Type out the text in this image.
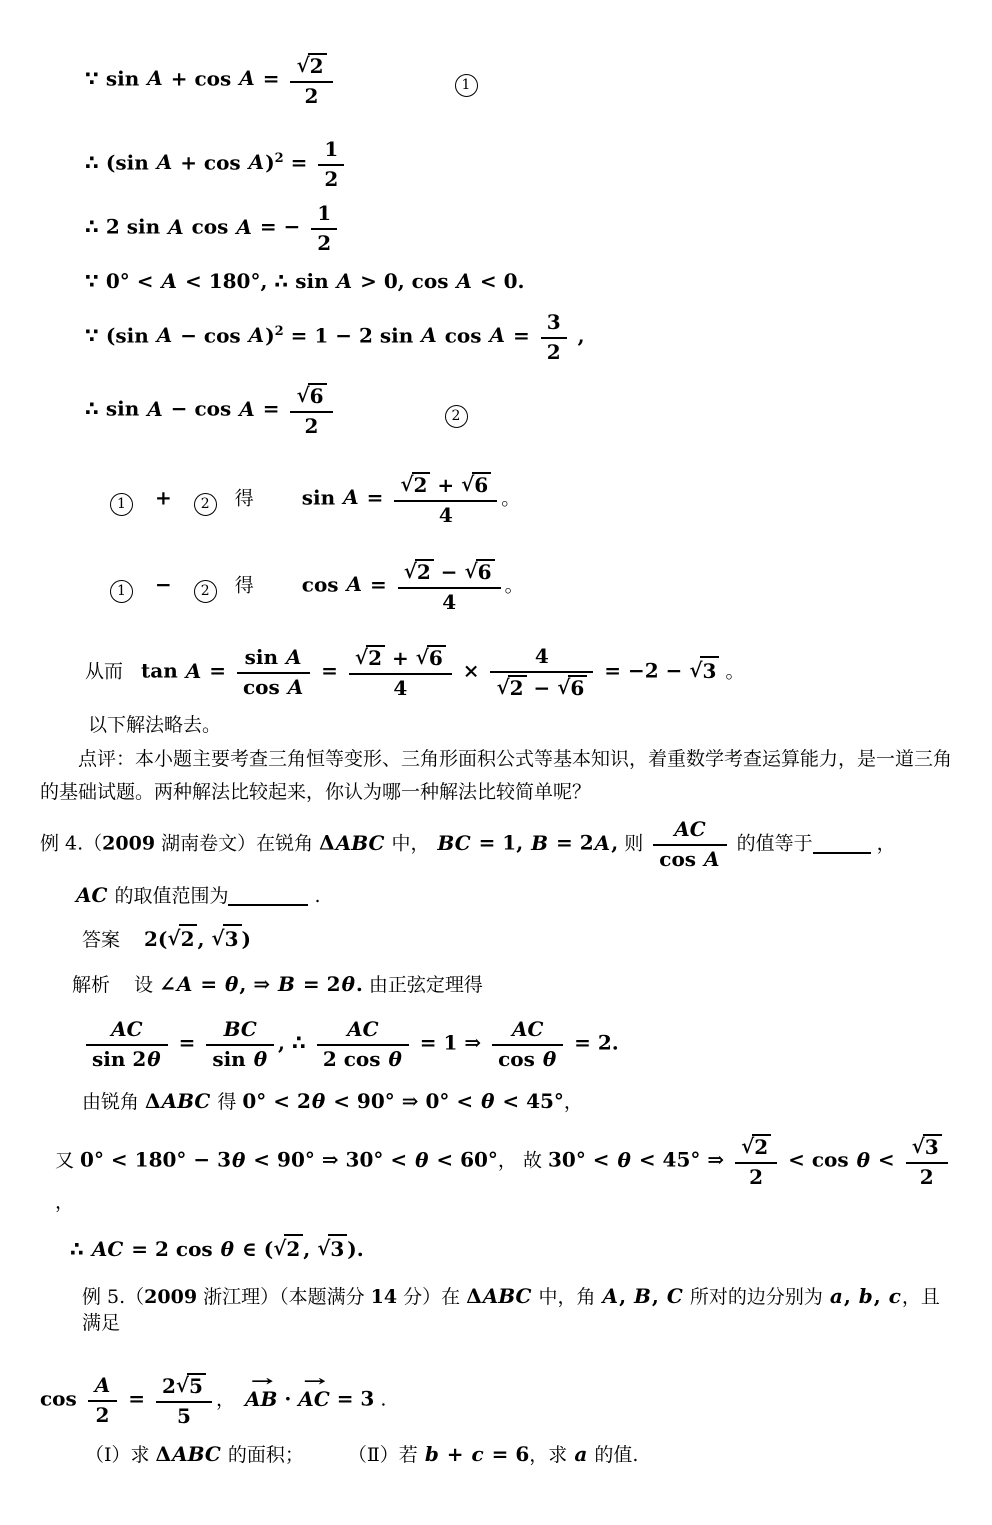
∵ $\sin A + \cos A = \frac{√2}{2}$	1
∴ (sin $A + \cos A)^2 = \frac{1}{2}$
∴ 2 sin A cos A = − $\frac{1}{2}$
∵ 0° < A < 180°, ∴ sin A > 0, cos A < 0.
∵ (sin A − cos A)$^2$ = 1 − 2 sin A $\cos A = \frac{3}{2}$ ,
∴ $\sin A - \cos A = \frac{√6}{2}$	2
1 + 2 得 $\sin A = \frac{√2 + √6}{4}$ 。
1 − 2 得 $\cos A = \frac{√2 - √6}{4}$ 。
从而 $\tan A = \frac{\text{sin A}}{\text{cos A}} = \frac{√2 + √6}{4} \times \frac{4}{√2 - √6} = -2 - √3$ 。
以下解法略去。
点评：本小题主要考查三角恒等变形、三角形面积公式等基本知识，着重数学考查运算能力，是一道三角的基础试题。两种解法比较起来，你认为哪一种解法比较简单呢？
例 4.（2009 湖南卷文）在锐角 ΔABC 中， BC = 1, B = 2A, 则 $\frac{AC}{\text{cos A}}$ 的值等于	，
AC 的取值范围为	.
答案 2(√2 , √3 )
解析 设 ∠A = θ, ⇒ B = 2θ. 由正弦定理得
$\frac{AC}{\sin 2\theta} = \frac{BC}{\text{sin θ}}$ , ∴ $\frac{AC}{\text{2 cos θ}} = 1$ ⇒ $\frac{AC}{\text{cos θ}} = 2$.
由锐角 ΔABC 得 0° < 2θ < 90° ⇒ 0° < θ < 45°，
又 0° < 180° − 3θ < 90° ⇒ 30° < θ < 60°， 故 30° < θ < 45° ⇒ $\frac{√2}{2} < \cos \theta < \frac{√3}{2}$
，
∴ AC = 2 cos θ ∈ (√2 , √3 ).
例 5.（2009 浙江理）（本题满分 14 分）在 ΔABC 中，角 A, B, C 所对的边分别为 a, b, c，且满足
$\cos \frac{A}{2} = \frac{2√5}{5}$ ，
→
AB ·
→
AC = 3 .
（Ⅰ）求 ΔABC 的面积； （Ⅱ）若 b + c = 6，求 a 的值.
